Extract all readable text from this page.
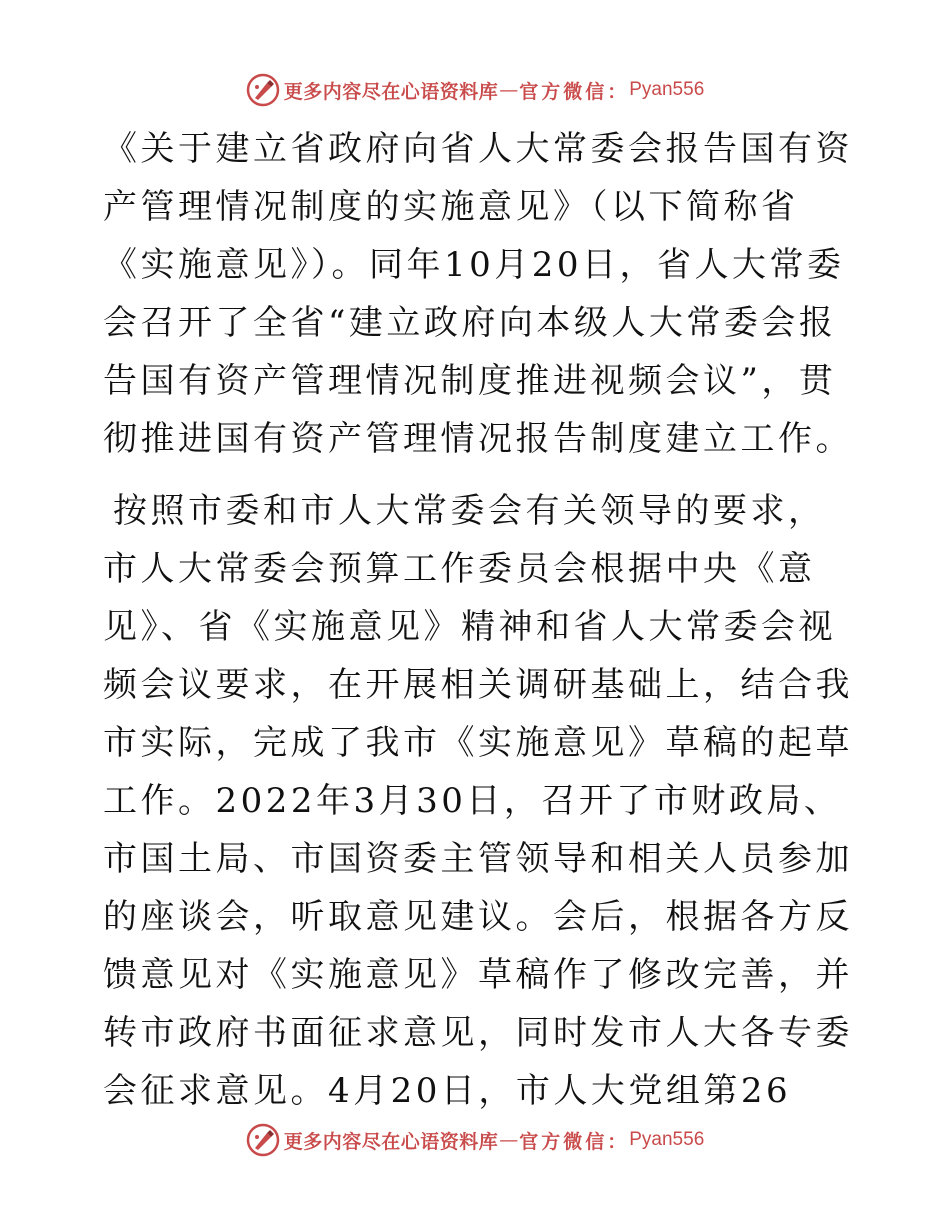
更多内容尽在心语资料库 — 官方微信： Pyan556

《关于建立省政府向省人大常委会报告国有资产管理情况制度的实施意见》（以下简称省《实施意见》）。同年10月20日，省人大常委会召开了全省“建立政府向本级人大常委会报告国有资产管理情况制度推进视频会议”，贯彻推进国有资产管理情况报告制度建立工作。

按照市委和市人大常委会有关领导的要求，市人大常委会预算工作委员会根据中央《意见》、省《实施意见》精神和省人大常委会视频会议要求，在开展相关调研基础上，结合我市实际，完成了我市《实施意见》草稿的起草工作。2022年3月30日，召开了市财政局、市国土局、市国资委主管领导和相关人员参加的座谈会，听取意见建议。会后，根据各方反馈意见对《实施意见》草稿作了修改完善，并转市政府书面征求意见，同时发市人大各专委会征求意见。4月20日，市人大党组第26

更多内容尽在心语资料库 — 官方微信： Pyan556
